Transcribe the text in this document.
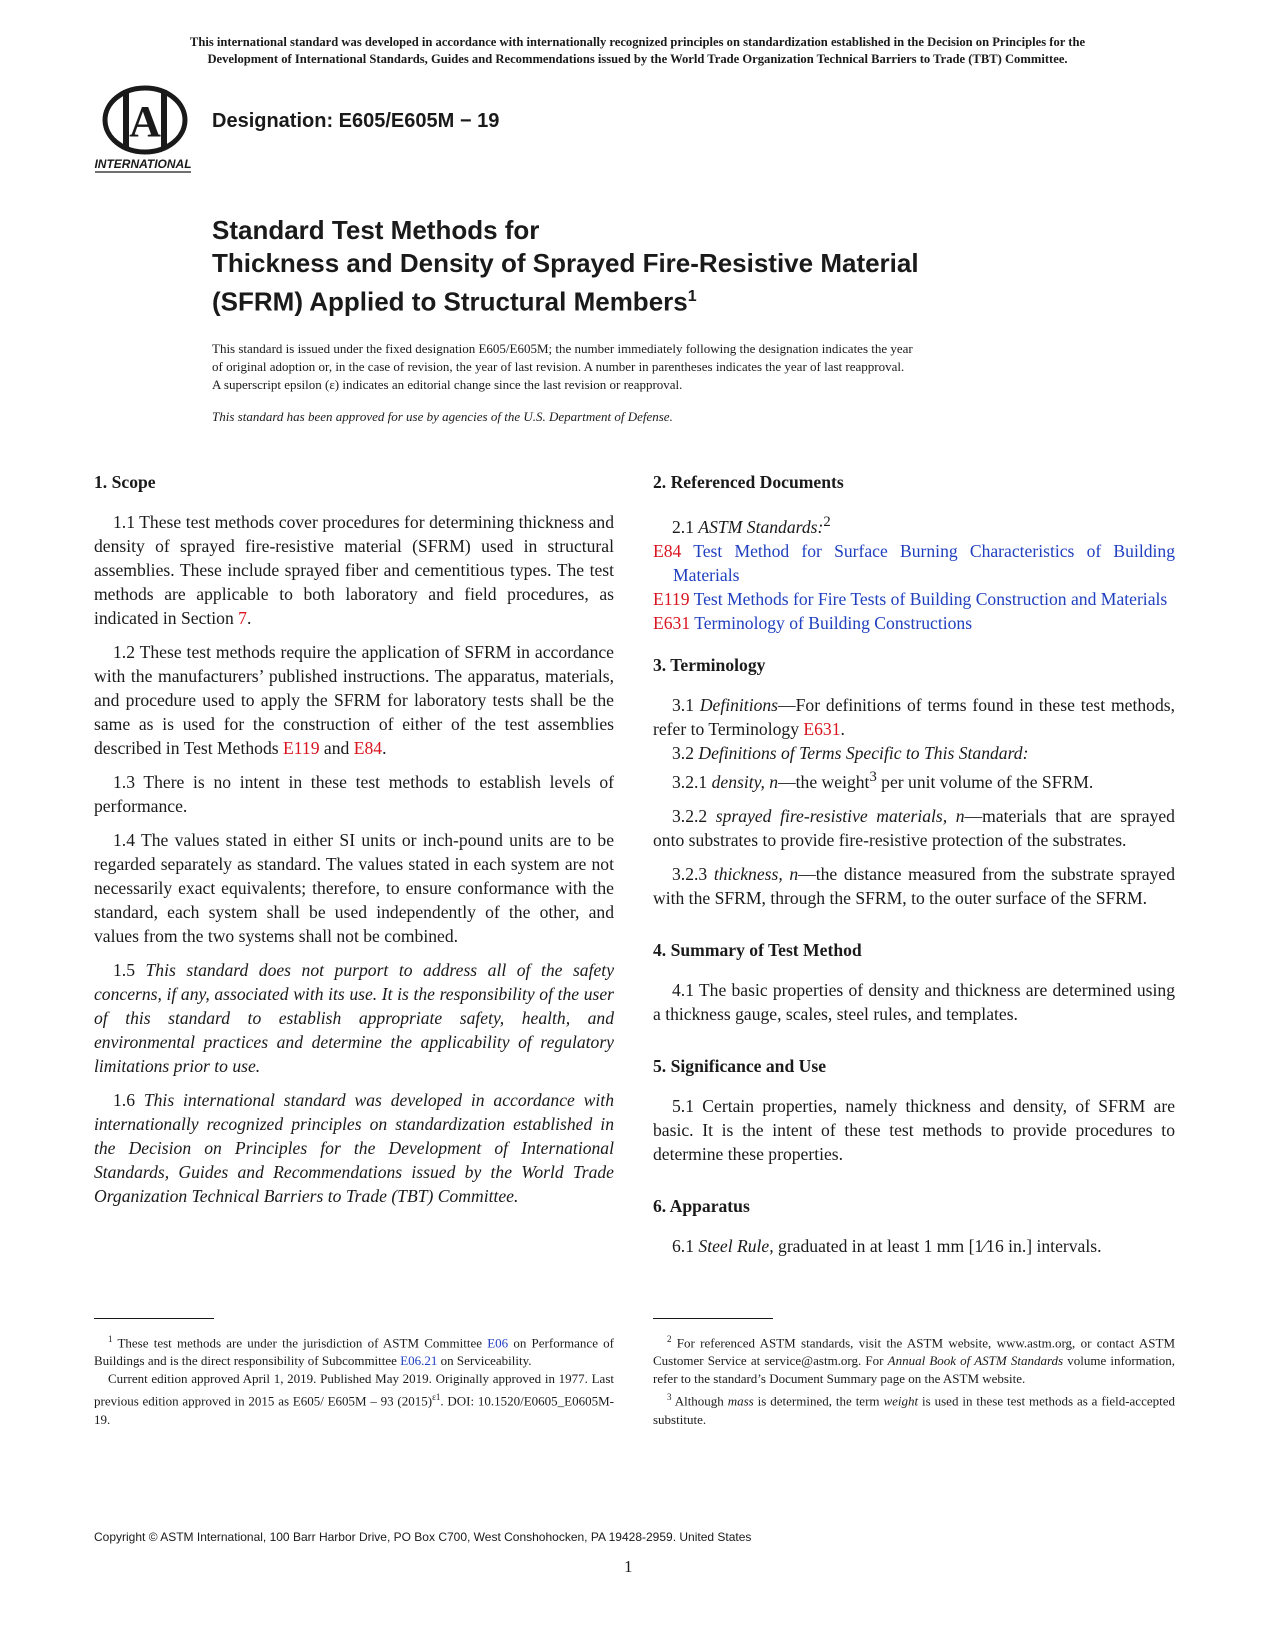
This international standard was developed in accordance with internationally recognized principles on standardization established in the Decision on Principles for the
Development of International Standards, Guides and Recommendations issued by the World Trade Organization Technical Barriers to Trade (TBT) Committee.
A
INTERNATIONAL
Designation: E605/E605M − 19
Standard Test Methods for
Thickness and Density of Sprayed Fire-Resistive Material
(SFRM) Applied to Structural Members$^1$

This standard is issued under the fixed designation E605/E605M; the number immediately following the designation indicates the year

of original adoption or, in the case of revision, the year of last revision. A number in parentheses indicates the year of last reapproval.

A superscript epsilon (ε) indicates an editorial change since the last revision or reapproval.

This standard has been approved for use by agencies of the U.S. Department of Defense.
1. Scope

1.1 These test methods cover procedures for determining thickness and density of sprayed fire-resistive material (SFRM) used in structural assemblies. These include sprayed fiber and cementitious types. The test methods are applicable to both laboratory and field procedures, as indicated in Section 7.

1.2 These test methods require the application of SFRM in accordance with the manufacturers’ published instructions. The apparatus, materials, and procedure used to apply the SFRM for laboratory tests shall be the same as is used for the construction of either of the test assemblies described in Test Methods E119 and E84.

1.3 There is no intent in these test methods to establish levels of performance.

1.4 The values stated in either SI units or inch-pound units are to be regarded separately as standard. The values stated in each system are not necessarily exact equivalents; therefore, to ensure conformance with the standard, each system shall be used independently of the other, and values from the two systems shall not be combined.

1.5 This standard does not purport to address all of the safety concerns, if any, associated with its use. It is the responsibility of the user of this standard to establish appropriate safety, health, and environmental practices and determine the applicability of regulatory limitations prior to use.

1.6 This international standard was developed in accordance with internationally recognized principles on standardization established in the Decision on Principles for the Development of International Standards, Guides and Recommendations issued by the World Trade Organization Technical Barriers to Trade (TBT) Committee.

2. Referenced Documents

2.1 ASTM Standards:$^2$

E84 Test Method for Surface Burning Characteristics of Building Materials

E119 Test Methods for Fire Tests of Building Construction and Materials

E631 Terminology of Building Constructions

3. Terminology

3.1 Definitions—For definitions of terms found in these test methods, refer to Terminology E631.

3.2 Definitions of Terms Specific to This Standard:

3.2.1 density, n—the weight$^3$ per unit volume of the SFRM.

3.2.2 sprayed fire-resistive materials, n—materials that are sprayed onto substrates to provide fire-resistive protection of the substrates.

3.2.3 thickness, n—the distance measured from the substrate sprayed with the SFRM, through the SFRM, to the outer surface of the SFRM.

4. Summary of Test Method

4.1 The basic properties of density and thickness are determined using a thickness gauge, scales, steel rules, and templates.

5. Significance and Use

5.1 Certain properties, namely thickness and density, of SFRM are basic. It is the intent of these test methods to provide procedures to determine these properties.

6. Apparatus

6.1 Steel Rule, graduated in at least 1 mm [1⁄16 in.] intervals.

$^1$ These test methods are under the jurisdiction of ASTM Committee E06 on Performance of Buildings and is the direct responsibility of Subcommittee E06.21 on Serviceability.

Current edition approved April 1, 2019. Published May 2019. Originally approved in 1977. Last previous edition approved in 2015 as E605/ E605M – 93 (2015)$^{\varepsilon 1}$. DOI: 10.1520/E0605_E0605M-19.

$^2$ For referenced ASTM standards, visit the ASTM website, www.astm.org, or contact ASTM Customer Service at service@astm.org. For Annual Book of ASTM Standards volume information, refer to the standard’s Document Summary page on the ASTM website.

$^3$ Although mass is determined, the term weight is used in these test methods as a field-accepted substitute.

Copyright © ASTM International, 100 Barr Harbor Drive, PO Box C700, West Conshohocken, PA 19428-2959. United States
1
